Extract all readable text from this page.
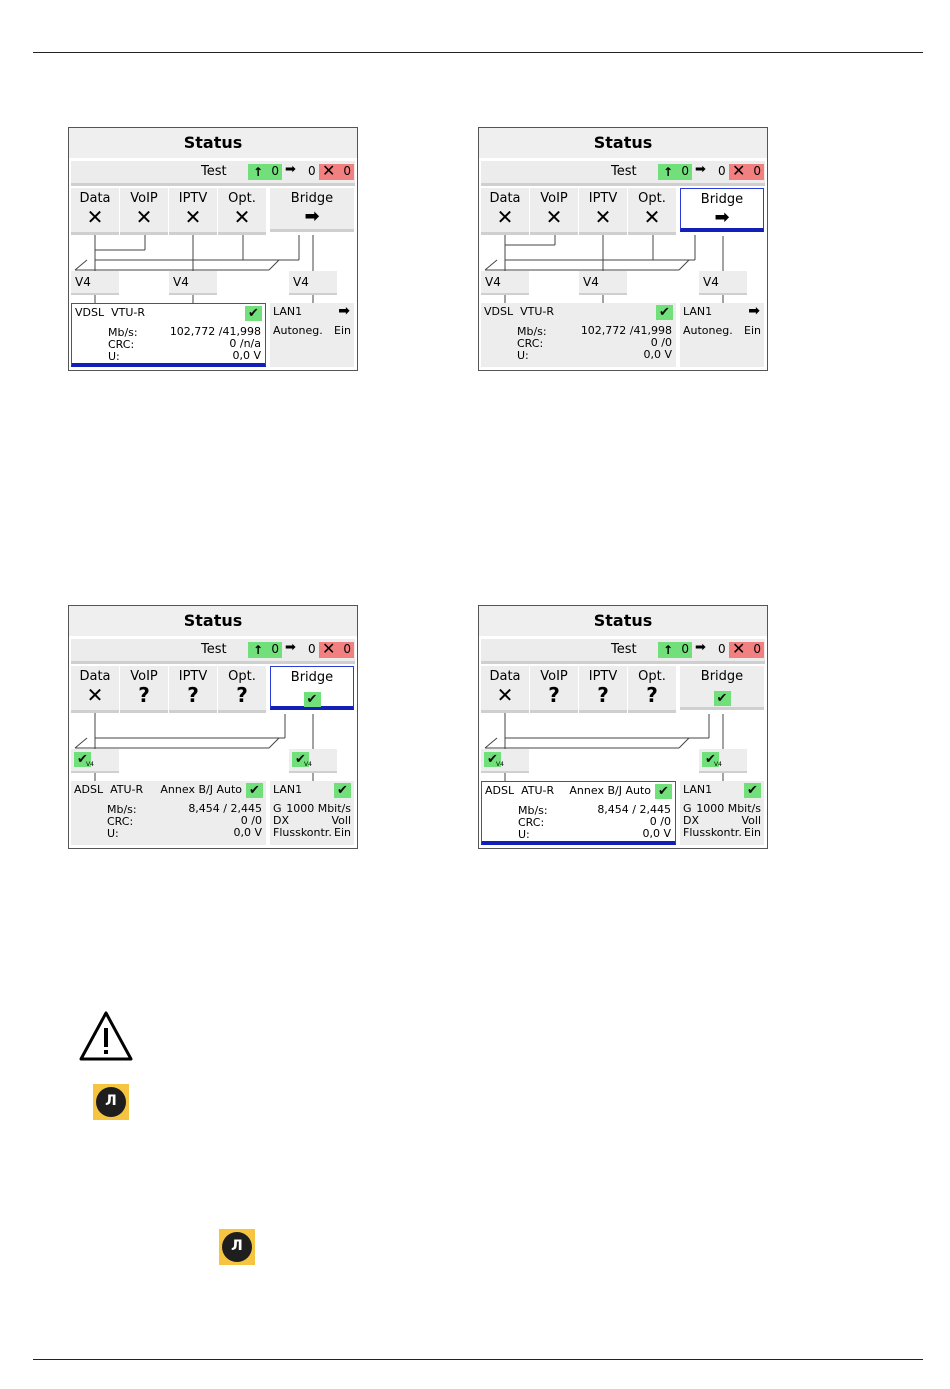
Status
Test ↑ 0 ➡ 0 ✕ 0
Data
✕
VoIP
✕
IPTV
✕
Opt.
✕
Bridge
➡
V4	V4	V4
VDSL VTU-R	✔
Mb/s:	102,772 /41,998
CRC:	0 /n/a
U:	0,0 V
LAN1	➡
Autoneg. Ein
Status
Test ↑ 0 ➡ 0 ✕ 0
Data
✕
VoIP
✕
IPTV
✕
Opt.
✕
Bridge
➡
V4	V4	V4
VDSL VTU-R	✔
Mb/s:	102,772 /41,998
CRC:	0 /0
U:	0,0 V
LAN1	➡
Autoneg. Ein
Status
Test ↑ 0 ➡ 0 ✕ 0
Data
✕
VoIP
?
IPTV
?
Opt.
?
Bridge
✔
✔
V4	✔
V4
ADSL ATU-R Annex B/J Auto ✔
Mb/s:	8,454 / 2,445
CRC:	0 /0
U:	0,0 V
LAN1	✔
G 1000 Mbit/s
DX	Voll
Flusskontr. Ein
Status
Test ↑ 0 ➡ 0 ✕ 0
Data
✕
VoIP
?
IPTV
?
Opt.
?
Bridge
✔
✔
V4	✔
V4
ADSL ATU-R Annex B/J Auto ✔
Mb/s:	8,454 / 2,445
CRC:	0 /0
U:	0,0 V
LAN1	✔
G 1000 Mbit/s
DX	Voll
Flusskontr. Ein
Л
Л
